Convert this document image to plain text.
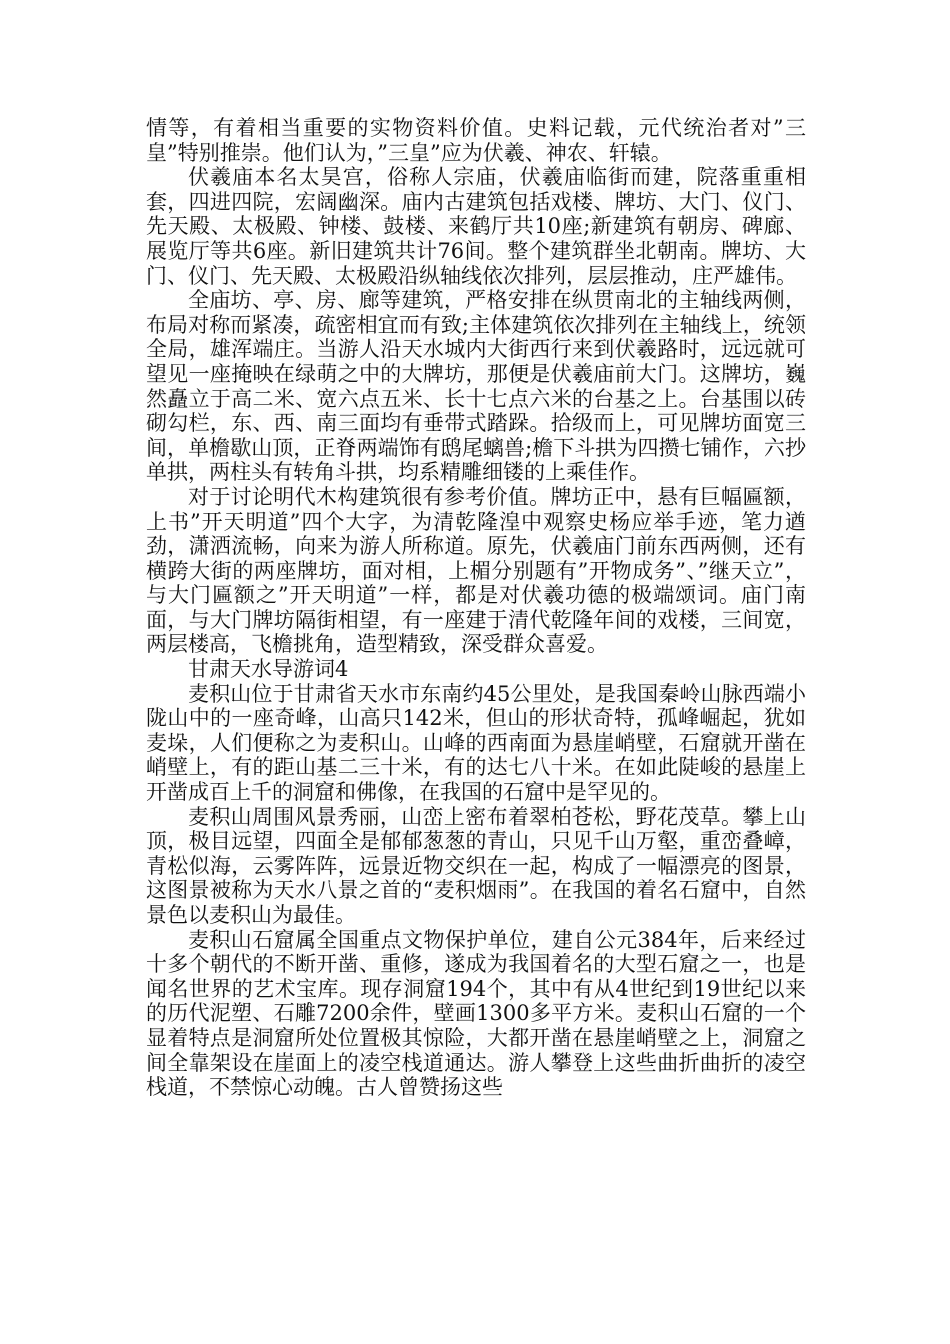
情等，有着相当重要的实物资料价值。史料记载，元代统治者对”三皇”特别推崇。他们认为，”三皇”应为伏羲、神农、轩辕。

伏羲庙本名太昊宫，俗称人宗庙，伏羲庙临街而建，院落重重相套，四进四院，宏阔幽深。庙内古建筑包括戏楼、牌坊、大门、仪门、先天殿、太极殿、钟楼、鼓楼、来鹤厅共10座;新建筑有朝房、碑廊、展览厅等共6座。新旧建筑共计76间。整个建筑群坐北朝南。牌坊、大门、仪门、先天殿、太极殿沿纵轴线依次排列，层层推动，庄严雄伟。

全庙坊、亭、房、廊等建筑，严格安排在纵贯南北的主轴线两侧，布局对称而紧凑，疏密相宜而有致;主体建筑依次排列在主轴线上，统领全局，雄浑端庄。当游人沿天水城内大街西行来到伏羲路时，远远就可望见一座掩映在绿萌之中的大牌坊，那便是伏羲庙前大门。这牌坊，巍然矗立于高二米、宽六点五米、长十七点六米的台基之上。台基围以砖砌勾栏，东、西、南三面均有垂带式踏跺。拾级而上，可见牌坊面宽三间，单檐歇山顶，正脊两端饰有鸱尾螭兽;檐下斗拱为四攒七铺作，六抄单拱，两柱头有转角斗拱，均系精雕细镂的上乘佳作。

对于讨论明代木构建筑很有参考价值。牌坊正中，悬有巨幅匾额，上书”开天明道”四个大字，为清乾隆湟中观察史杨应举手迹，笔力遒劲，潇洒流畅，向来为游人所称道。原先，伏羲庙门前东西两侧，还有横跨大街的两座牌坊，面对相，上楣分别题有”开物成务”、”继天立”，与大门匾额之”开天明道”一样，都是对伏羲功德的极端颂词。庙门南面，与大门牌坊隔街相望，有一座建于清代乾隆年间的戏楼，三间宽，两层楼高，飞檐挑角，造型精致，深受群众喜爱。

甘肃天水导游词4

麦积山位于甘肃省天水市东南约45公里处，是我国秦岭山脉西端小陇山中的一座奇峰，山高只142米，但山的形状奇特，孤峰崛起，犹如麦垛，人们便称之为麦积山。山峰的西南面为悬崖峭壁，石窟就开凿在峭壁上，有的距山基二三十米，有的达七八十米。在如此陡峻的悬崖上开凿成百上千的洞窟和佛像，在我国的石窟中是罕见的。

麦积山周围风景秀丽，山峦上密布着翠柏苍松，野花茂草。攀上山顶，极目远望，四面全是郁郁葱葱的青山，只见千山万壑，重峦叠嶂，青松似海，云雾阵阵，远景近物交织在一起，构成了一幅漂亮的图景，这图景被称为天水八景之首的“麦积烟雨”。在我国的着名石窟中，自然景色以麦积山为最佳。

麦积山石窟属全国重点文物保护单位，建自公元384年，后来经过十多个朝代的不断开凿、重修，遂成为我国着名的大型石窟之一，也是闻名世界的艺术宝库。现存洞窟194个，其中有从4世纪到19世纪以来的历代泥塑、石雕7200余件，壁画1300多平方米。麦积山石窟的一个显着特点是洞窟所处位置极其惊险，大都开凿在悬崖峭壁之上，洞窟之间全靠架设在崖面上的凌空栈道通达。游人攀登上这些曲折曲折的凌空栈道，不禁惊心动魄。古人曾赞扬这些
